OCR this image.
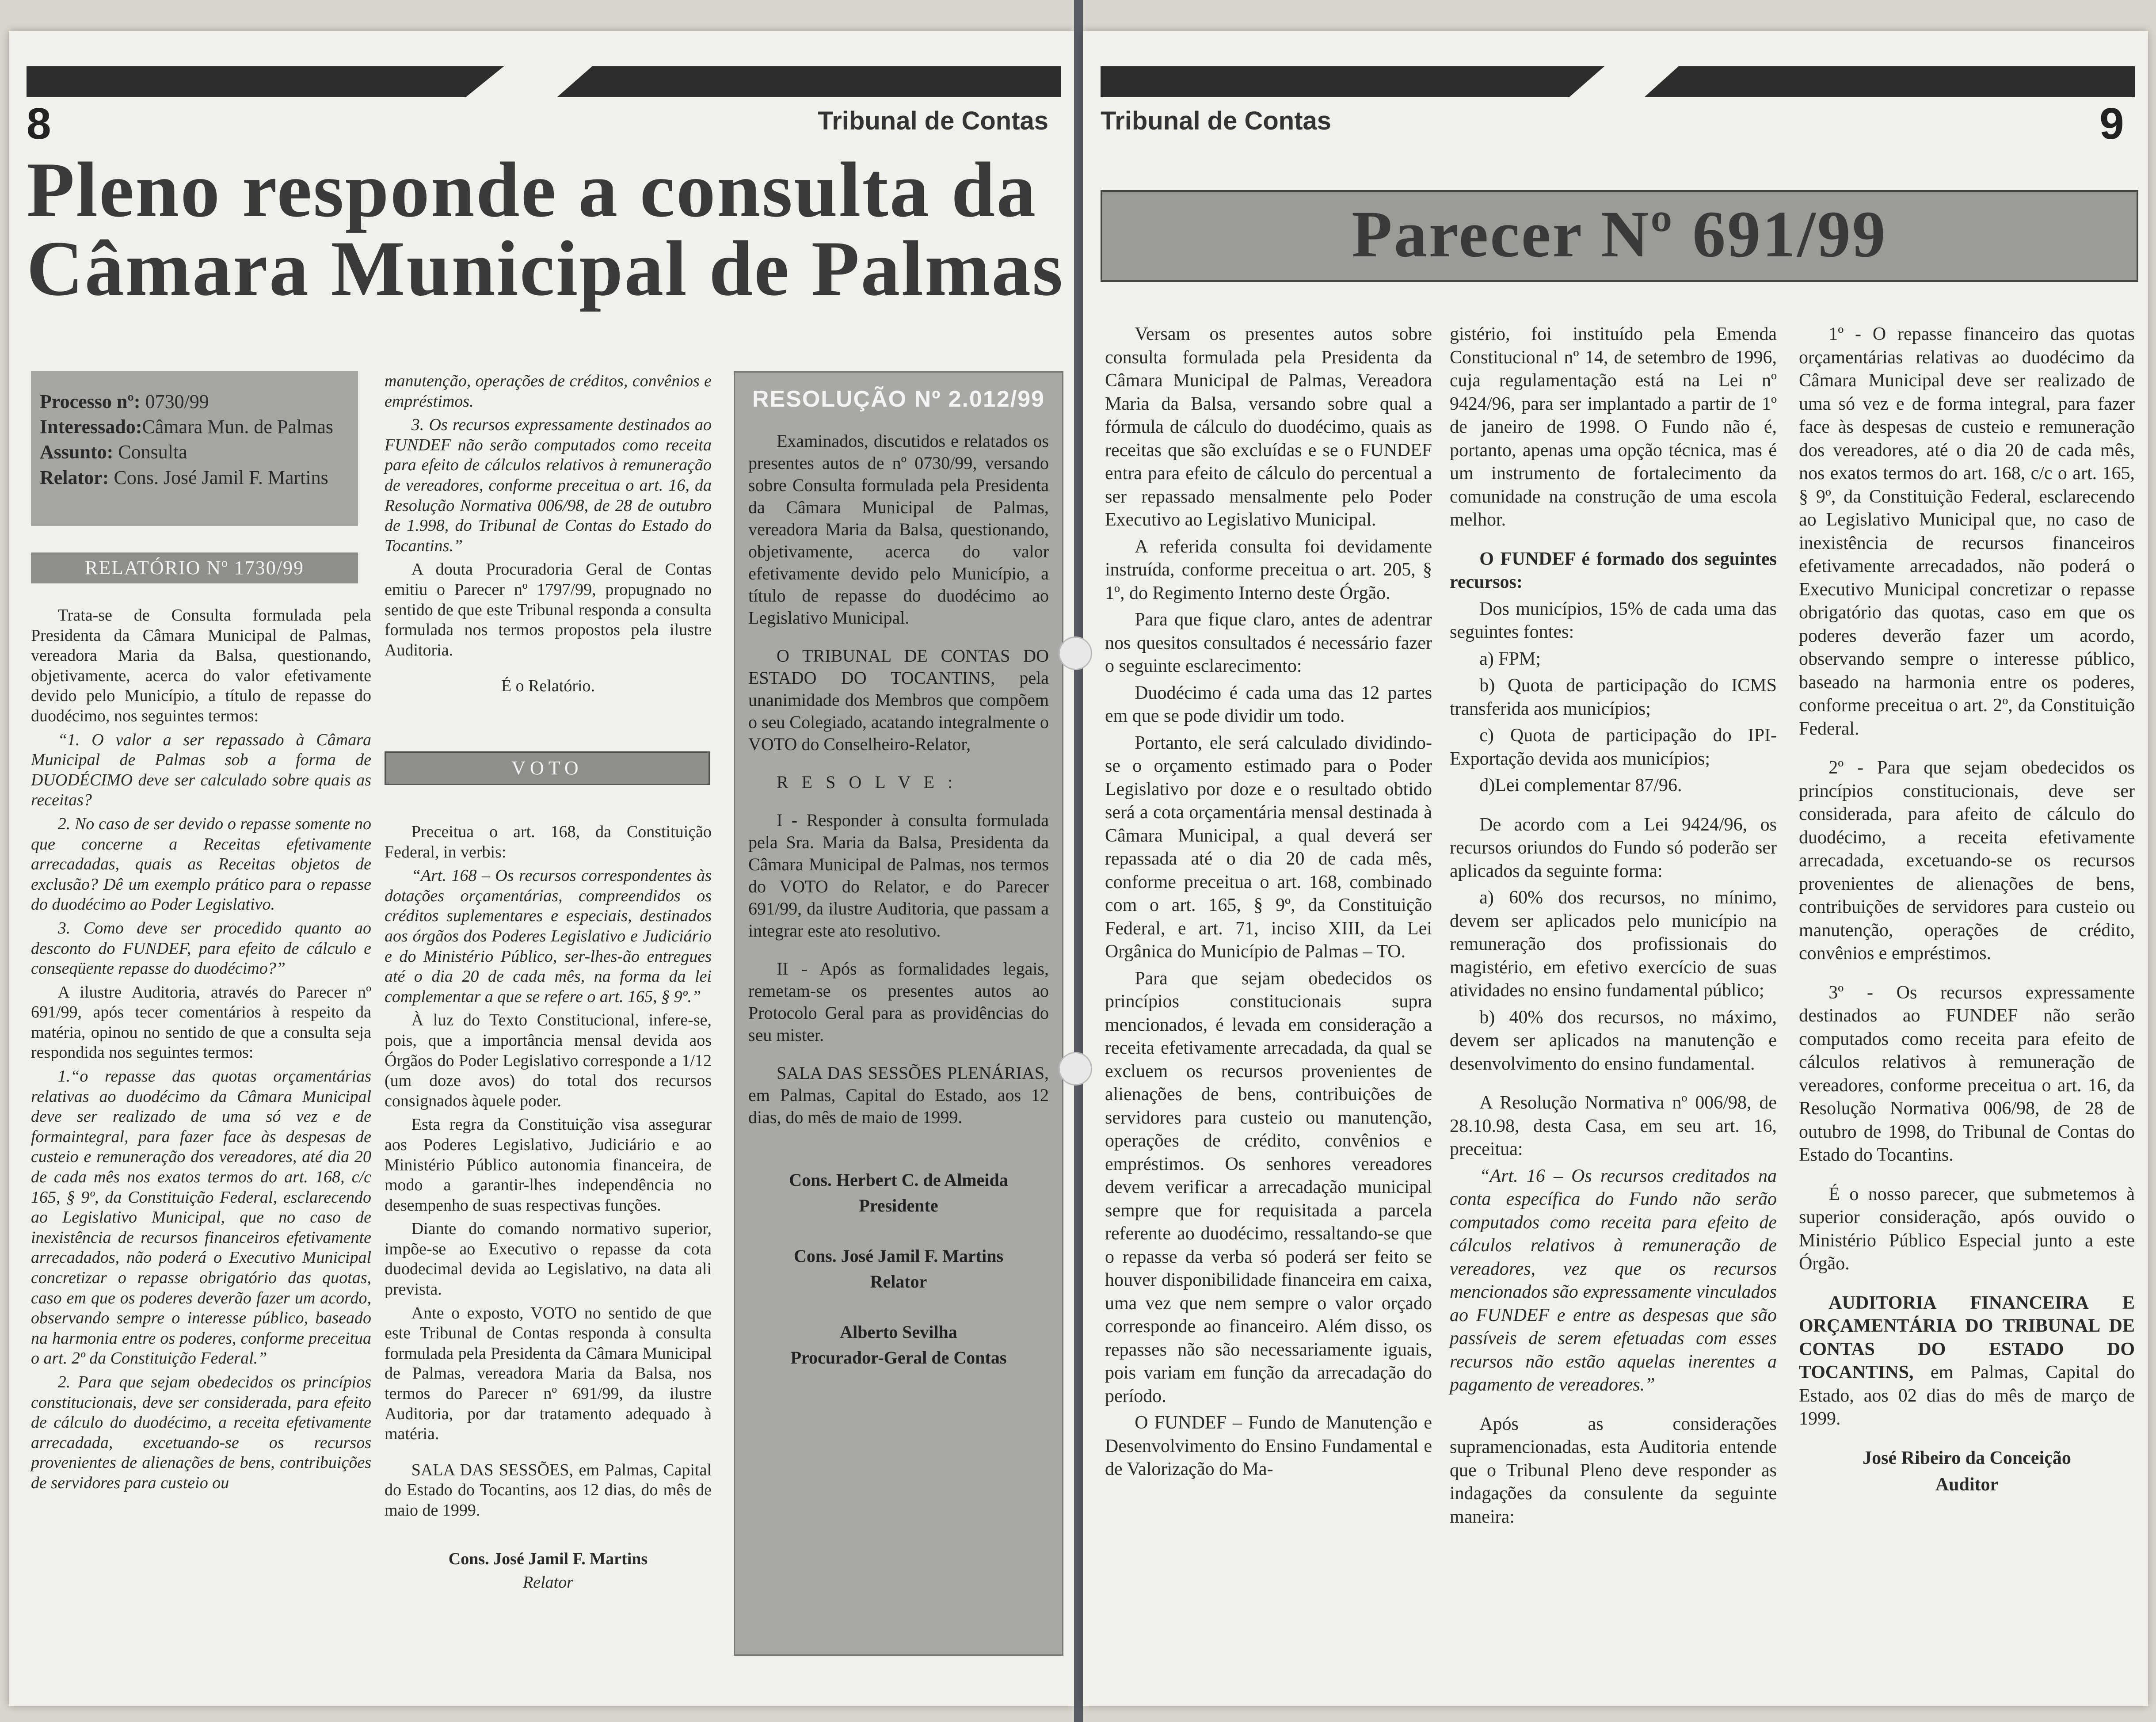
8	Tribunal de Contas
Pleno responde a consulta da
Câmara Municipal de Palmas
Processo nº: 0730/99
Interessado:Câmara Mun. de Palmas
Assunto: Consulta
Relator: Cons. José Jamil F. Martins
RELATÓRIO Nº 1730/99

Trata-se de Consulta formulada pela Presidenta da Câmara Municipal de Palmas, vereadora Maria da Balsa, questionando, objetivamente, acerca do valor efetivamente devido pelo Município, a título de repasse do duodécimo, nos seguintes termos:

“1. O valor a ser repassado à Câmara Municipal de Palmas sob a forma de DUODÉCIMO deve ser calculado sobre quais as receitas?

2. No caso de ser devido o repasse somente no que concerne a Receitas efetivamente arrecadadas, quais as Receitas objetos de exclusão? Dê um exemplo prático para o repasse do duodécimo ao Poder Legislativo.

3. Como deve ser procedido quanto ao desconto do FUNDEF, para efeito de cálculo e conseqüente repasse do duodécimo?”

A ilustre Auditoria, através do Parecer nº 691/99, após tecer comentários à respeito da matéria, opinou no sentido de que a consulta seja respondida nos seguintes termos:

1.“o repasse das quotas orçamentárias relativas ao duodécimo da Câmara Municipal deve ser realizado de uma só vez e de formaintegral, para fazer face às despesas de custeio e remuneração dos vereadores, até dia 20 de cada mês nos exatos termos do art. 168, c/c 165, § 9º, da Constituição Federal, esclarecendo ao Legislativo Municipal, que no caso de inexistência de recursos financeiros efetivamente arrecadados, não poderá o Executivo Municipal concretizar o repasse obrigatório das quotas, caso em que os poderes deverão fazer um acordo, observando sempre o interesse público, baseado na harmonia entre os poderes, conforme preceitua o art. 2º da Constituição Federal.”

2. Para que sejam obedecidos os princípios constitucionais, deve ser considerada, para efeito de cálculo do duodécimo, a receita efetivamente arrecadada, excetuando-se os recursos provenientes de alienações de bens, contribuições de servidores para custeio ou

manutenção, operações de créditos, convênios e empréstimos.

3. Os recursos expressamente destinados ao FUNDEF não serão computados como receita para efeito de cálculos relativos à remuneração de vereadores, conforme preceitua o art. 16, da Resolução Normativa 006/98, de 28 de outubro de 1.998, do Tribunal de Contas do Estado do Tocantins.”

A douta Procuradoria Geral de Contas emitiu o Parecer nº 1797/99, propugnado no sentido de que este Tribunal responda a consulta formulada nos termos propostos pela ilustre Auditoria.

É o Relatório.

VOTO

Preceitua o art. 168, da Constituição Federal, in verbis:

“Art. 168 – Os recursos correspondentes às dotações orçamentárias, compreendidos os créditos suplementares e especiais, destinados aos órgãos dos Poderes Legislativo e Judiciário e do Ministério Público, ser-lhes-ão entregues até o dia 20 de cada mês, na forma da lei complementar a que se refere o art. 165, § 9º.”

À luz do Texto Constitucional, infere-se, pois, que a importância mensal devida aos Órgãos do Poder Legislativo corresponde a 1/12 (um doze avos) do total dos recursos consignados àquele poder.

Esta regra da Constituição visa assegurar aos Poderes Legislativo, Judiciário e ao Ministério Público autonomia financeira, de modo a garantir-lhes independência no desempenho de suas respectivas funções.

Diante do comando normativo superior, impõe-se ao Executivo o repasse da cota duodecimal devida ao Legislativo, na data ali prevista.

Ante o exposto, VOTO no sentido de que este Tribunal de Contas responda à consulta formulada pela Presidenta da Câmara Municipal de Palmas, vereadora Maria da Balsa, nos termos do Parecer nº 691/99, da ilustre Auditoria, por dar tratamento adequado à matéria.

SALA DAS SESSÕES, em Palmas, Capital do Estado do Tocantins, aos 12 dias, do mês de maio de 1999.

Cons. José Jamil F. Martins

Relator

RESOLUÇÃO Nº 2.012/99

Examinados, discutidos e relatados os presentes autos de nº 0730/99, versando sobre Consulta formulada pela Presidenta da Câmara Municipal de Palmas, vereadora Maria da Balsa, questionando, objetivamente, acerca do valor efetivamente devido pelo Município, a título de repasse do duodécimo ao Legislativo Municipal.

O TRIBUNAL DE CONTAS DO ESTADO DO TOCANTINS, pela unanimidade dos Membros que compõem o seu Colegiado, acatando integralmente o VOTO do Conselheiro-Relator,

R E S O L V E :

I - Responder à consulta formulada pela Sra. Maria da Balsa, Presidenta da Câmara Municipal de Palmas, nos termos do VOTO do Relator, e do Parecer 691/99, da ilustre Auditoria, que passam a integrar este ato resolutivo.

II - Após as formalidades legais, remetam-se os presentes autos ao Protocolo Geral para as providências do seu mister.

SALA DAS SESSÕES PLENÁRIAS, em Palmas, Capital do Estado, aos 12 dias, do mês de maio de 1999.

Cons. Herbert C. de Almeida

Presidente

Cons. José Jamil F. Martins

Relator

Alberto Sevilha

Procurador-Geral de Contas

Tribunal de Contas	9
Parecer Nº 691/99

Versam os presentes autos sobre consulta formulada pela Presidenta da Câmara Municipal de Palmas, Vereadora Maria da Balsa, versando sobre qual a fórmula de cálculo do duodécimo, quais as receitas que são excluídas e se o FUNDEF entra para efeito de cálculo do percentual a ser repassado mensalmente pelo Poder Executivo ao Legislativo Municipal.

A referida consulta foi devidamente instruída, conforme preceitua o art. 205, § 1º, do Regimento Interno deste Órgão.

Para que fique claro, antes de adentrar nos quesitos consultados é necessário fazer o seguinte esclarecimento:

Duodécimo é cada uma das 12 partes em que se pode dividir um todo.

Portanto, ele será calculado dividindo-se o orçamento estimado para o Poder Legislativo por doze e o resultado obtido será a cota orçamentária mensal destinada à Câmara Municipal, a qual deverá ser repassada até o dia 20 de cada mês, conforme preceitua o art. 168, combinado com o art. 165, § 9º, da Constituição Federal, e art. 71, inciso XIII, da Lei Orgânica do Município de Palmas – TO.

Para que sejam obedecidos os princípios constitucionais supra mencionados, é levada em consideração a receita efetivamente arrecadada, da qual se excluem os recursos provenientes de alienações de bens, contribuições de servidores para custeio ou manutenção, operações de crédito, convênios e empréstimos. Os senhores vereadores devem verificar a arrecadação municipal sempre que for requisitada a parcela referente ao duodécimo, ressaltando-se que o repasse da verba só poderá ser feito se houver disponibilidade financeira em caixa, uma vez que nem sempre o valor orçado corresponde ao financeiro. Além disso, os repasses não são necessariamente iguais, pois variam em função da arrecadação do período.

O FUNDEF – Fundo de Manutenção e Desenvolvimento do Ensino Fundamental e de Valorização do Ma-

gistério, foi instituído pela Emenda Constitucional nº 14, de setembro de 1996, cuja regulamentação está na Lei nº 9424/96, para ser implantado a partir de 1º de janeiro de 1998. O Fundo não é, portanto, apenas uma opção técnica, mas é um instrumento de fortalecimento da comunidade na construção de uma escola melhor.

O FUNDEF é formado dos seguintes recursos:

Dos municípios, 15% de cada uma das seguintes fontes:

a) FPM;

b) Quota de participação do ICMS transferida aos municípios;

c) Quota de participação do IPI-Exportação devida aos municípios;

d)Lei complementar 87/96.

De acordo com a Lei 9424/96, os recursos oriundos do Fundo só poderão ser aplicados da seguinte forma:

a) 60% dos recursos, no mínimo, devem ser aplicados pelo município na remuneração dos profissionais do magistério, em efetivo exercício de suas atividades no ensino fundamental público;

b) 40% dos recursos, no máximo, devem ser aplicados na manutenção e desenvolvimento do ensino fundamental.

A Resolução Normativa nº 006/98, de 28.10.98, desta Casa, em seu art. 16, preceitua:

“Art. 16 – Os recursos creditados na conta específica do Fundo não serão computados como receita para efeito de cálculos relativos à remuneração de vereadores, vez que os recursos mencionados são expressamente vinculados ao FUNDEF e entre as despesas que são passíveis de serem efetuadas com esses recursos não estão aquelas inerentes a pagamento de vereadores.”

Após as considerações supramencionadas, esta Auditoria entende que o Tribunal Pleno deve responder as indagações da consulente da seguinte maneira:

1º - O repasse financeiro das quotas orçamentárias relativas ao duodécimo da Câmara Municipal deve ser realizado de uma só vez e de forma integral, para fazer face às despesas de custeio e remuneração dos vereadores, até o dia 20 de cada mês, nos exatos termos do art. 168, c/c o art. 165, § 9º, da Constituição Federal, esclarecendo ao Legislativo Municipal que, no caso de inexistência de recursos financeiros efetivamente arrecadados, não poderá o Executivo Municipal concretizar o repasse obrigatório das quotas, caso em que os poderes deverão fazer um acordo, observando sempre o interesse público, baseado na harmonia entre os poderes, conforme preceitua o art. 2º, da Constituição Federal.

2º - Para que sejam obedecidos os princípios constitucionais, deve ser considerada, para afeito de cálculo do duodécimo, a receita efetivamente arrecadada, excetuando-se os recursos provenientes de alienações de bens, contribuições de servidores para custeio ou manutenção, operações de crédito, convênios e empréstimos.

3º - Os recursos expressamente destinados ao FUNDEF não serão computados como receita para efeito de cálculos relativos à remuneração de vereadores, conforme preceitua o art. 16, da Resolução Normativa 006/98, de 28 de outubro de 1998, do Tribunal de Contas do Estado do Tocantins.

É o nosso parecer, que submetemos à superior consideração, após ouvido o Ministério Público Especial junto a este Órgão.

AUDITORIA FINANCEIRA E ORÇAMENTÁRIA DO TRIBUNAL DE CONTAS DO ESTADO DO TOCANTINS, em Palmas, Capital do Estado, aos 02 dias do mês de março de 1999.

José Ribeiro da Conceição

Auditor
